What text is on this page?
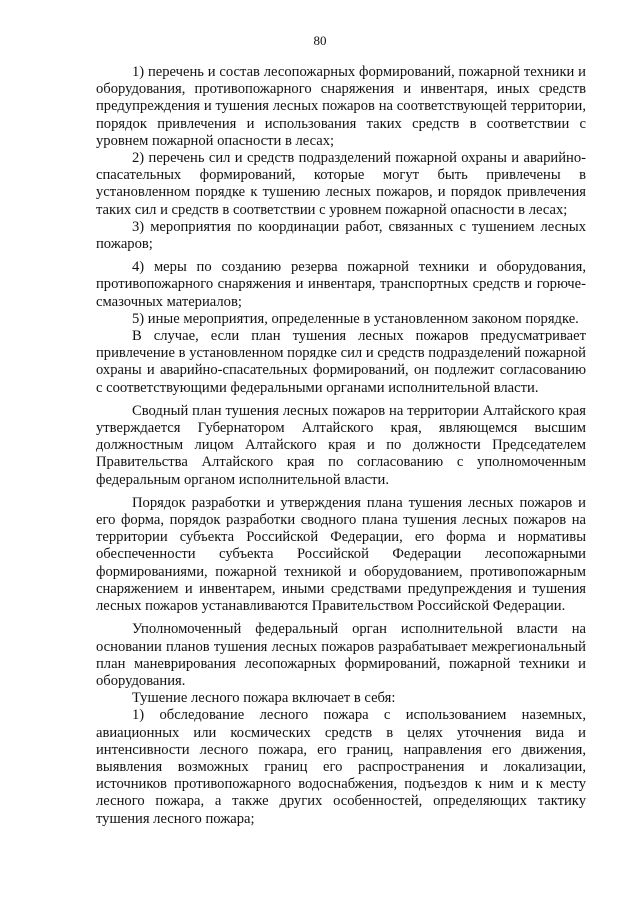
80

1) перечень и состав лесопожарных формирований, пожарной техники и оборудования, противопожарного снаряжения и инвентаря, иных средств предупреждения и тушения лесных пожаров на соответствующей территории, порядок привлечения и использования таких средств в соответствии с уровнем пожарной опасности в лесах;

2) перечень сил и средств подразделений пожарной охраны и аварийно-спасательных формирований, которые могут быть привлечены в установленном порядке к тушению лесных пожаров, и порядок привлечения таких сил и средств в соответствии с уровнем пожарной опасности в лесах;

3) мероприятия по координации работ, связанных с тушением лесных пожаров;

4) меры по созданию резерва пожарной техники и оборудования, противопожарного снаряжения и инвентаря, транспортных средств и горюче-смазочных материалов;

5) иные мероприятия, определенные в установленном законом порядке.

В случае, если план тушения лесных пожаров предусматривает привлечение в установленном порядке сил и средств подразделений пожарной охраны и аварийно-спасательных формирований, он подлежит согласованию с соответствующими федеральными органами исполнительной власти.

Сводный план тушения лесных пожаров на территории Алтайского края утверждается Губернатором Алтайского края, являющемся высшим должностным лицом Алтайского края и по должности Председателем Правительства Алтайского края по согласованию с уполномоченным федеральным органом исполнительной власти.

Порядок разработки и утверждения плана тушения лесных пожаров и его форма, порядок разработки сводного плана тушения лесных пожаров на территории субъекта Российской Федерации, его форма и нормативы обеспеченности субъекта Российской Федерации лесопожарными формированиями, пожарной техникой и оборудованием, противопожарным снаряжением и инвентарем, иными средствами предупреждения и тушения лесных пожаров устанавливаются Правительством Российской Федерации.

Уполномоченный федеральный орган исполнительной власти на основании планов тушения лесных пожаров разрабатывает межрегиональный план маневрирования лесопожарных формирований, пожарной техники и оборудования.

Тушение лесного пожара включает в себя:

1) обследование лесного пожара с использованием наземных, авиационных или космических средств в целях уточнения вида и интенсивности лесного пожара, его границ, направления его движения, выявления возможных границ его распространения и локализации, источников противопожарного водоснабжения, подъездов к ним и к месту лесного пожара, а также других особенностей, определяющих тактику тушения лесного пожара;
